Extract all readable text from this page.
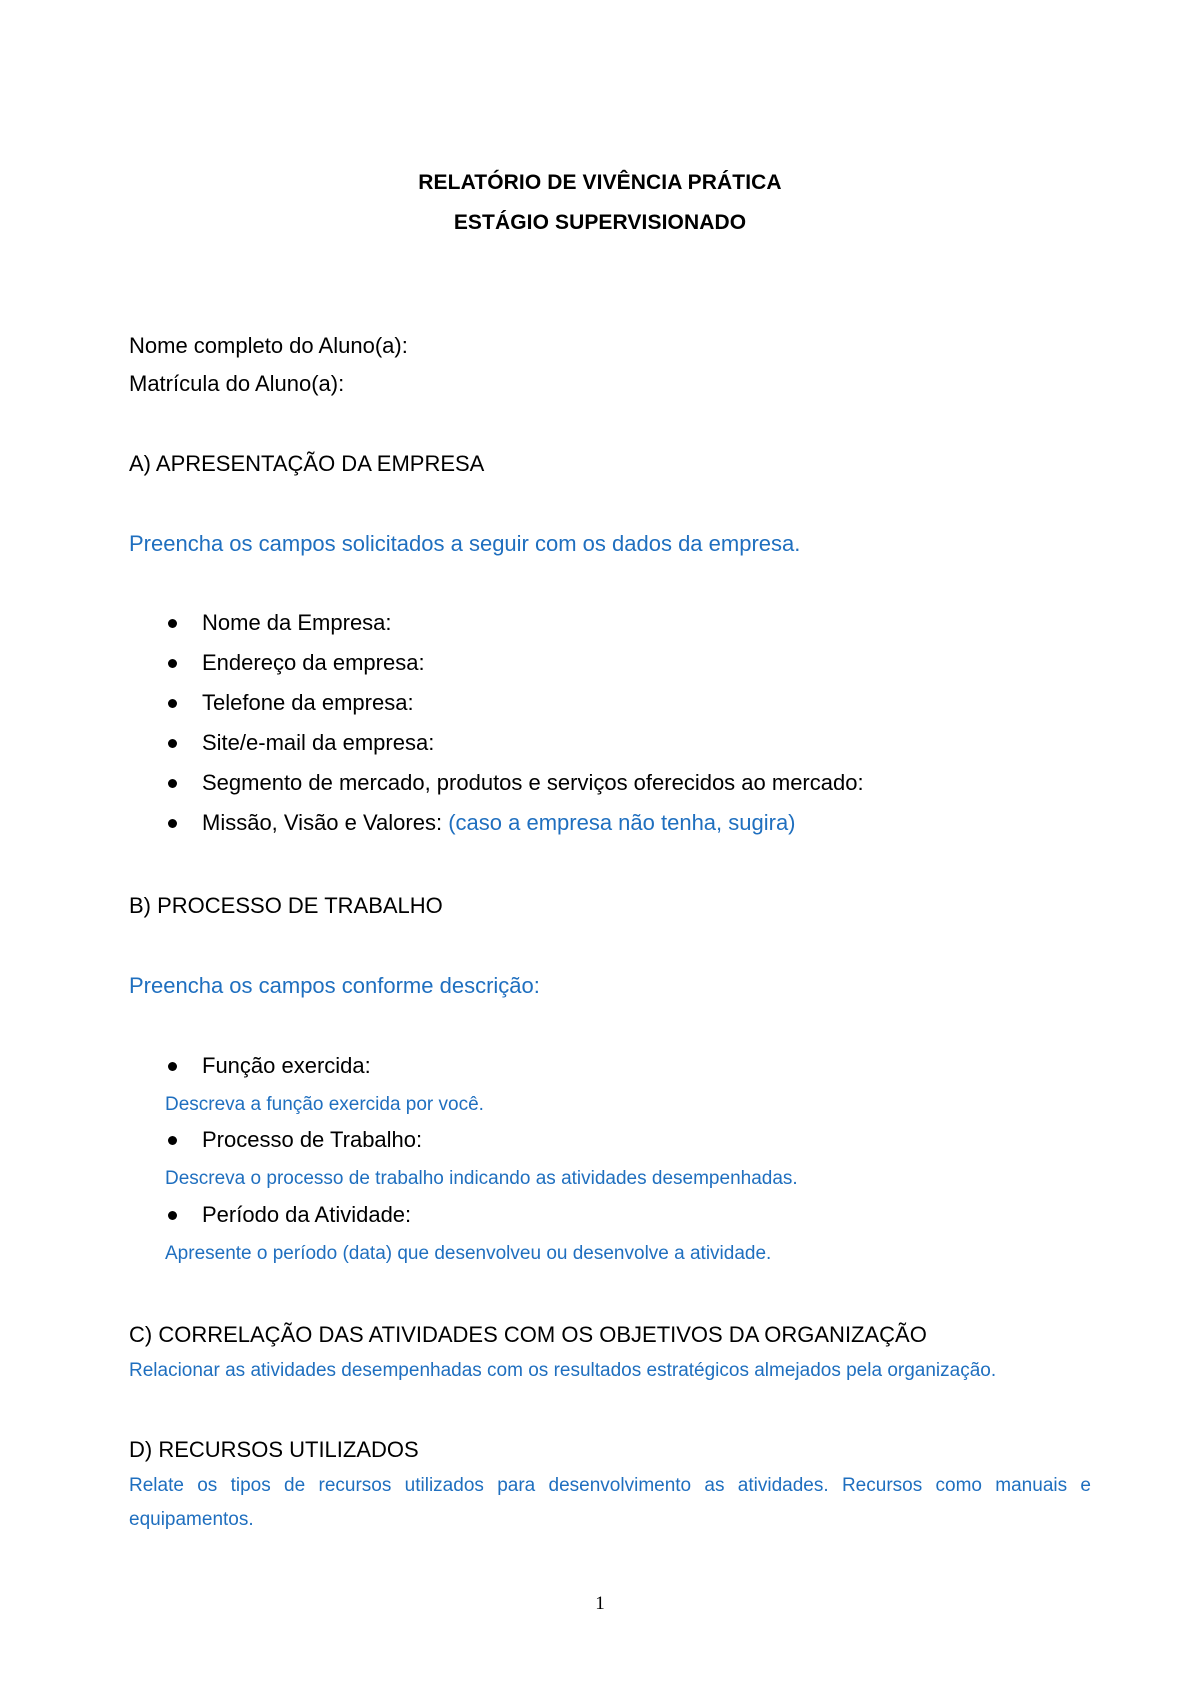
RELATÓRIO DE VIVÊNCIA PRÁTICA
ESTÁGIO SUPERVISIONADO
Nome completo do Aluno(a):
Matrícula do Aluno(a):
A) APRESENTAÇÃO DA EMPRESA
Preencha os campos solicitados a seguir com os dados da empresa.
Nome da Empresa:
Endereço da empresa:
Telefone da empresa:
Site/e-mail da empresa:
Segmento de mercado, produtos e serviços oferecidos ao mercado:
Missão, Visão e Valores: (caso a empresa não tenha, sugira)
B) PROCESSO DE TRABALHO
Preencha os campos conforme descrição:
Função exercida:
Descreva a função exercida por você.
Processo de Trabalho:
Descreva o processo de trabalho indicando as atividades desempenhadas.
Período da Atividade:
Apresente o período (data) que desenvolveu ou desenvolve a atividade.
C) CORRELAÇÃO DAS ATIVIDADES COM OS OBJETIVOS DA ORGANIZAÇÃO
Relacionar as atividades desempenhadas com os resultados estratégicos almejados pela organização.
D) RECURSOS UTILIZADOS
Relate os tipos de recursos utilizados para desenvolvimento as atividades. Recursos como manuais e
equipamentos.
1
